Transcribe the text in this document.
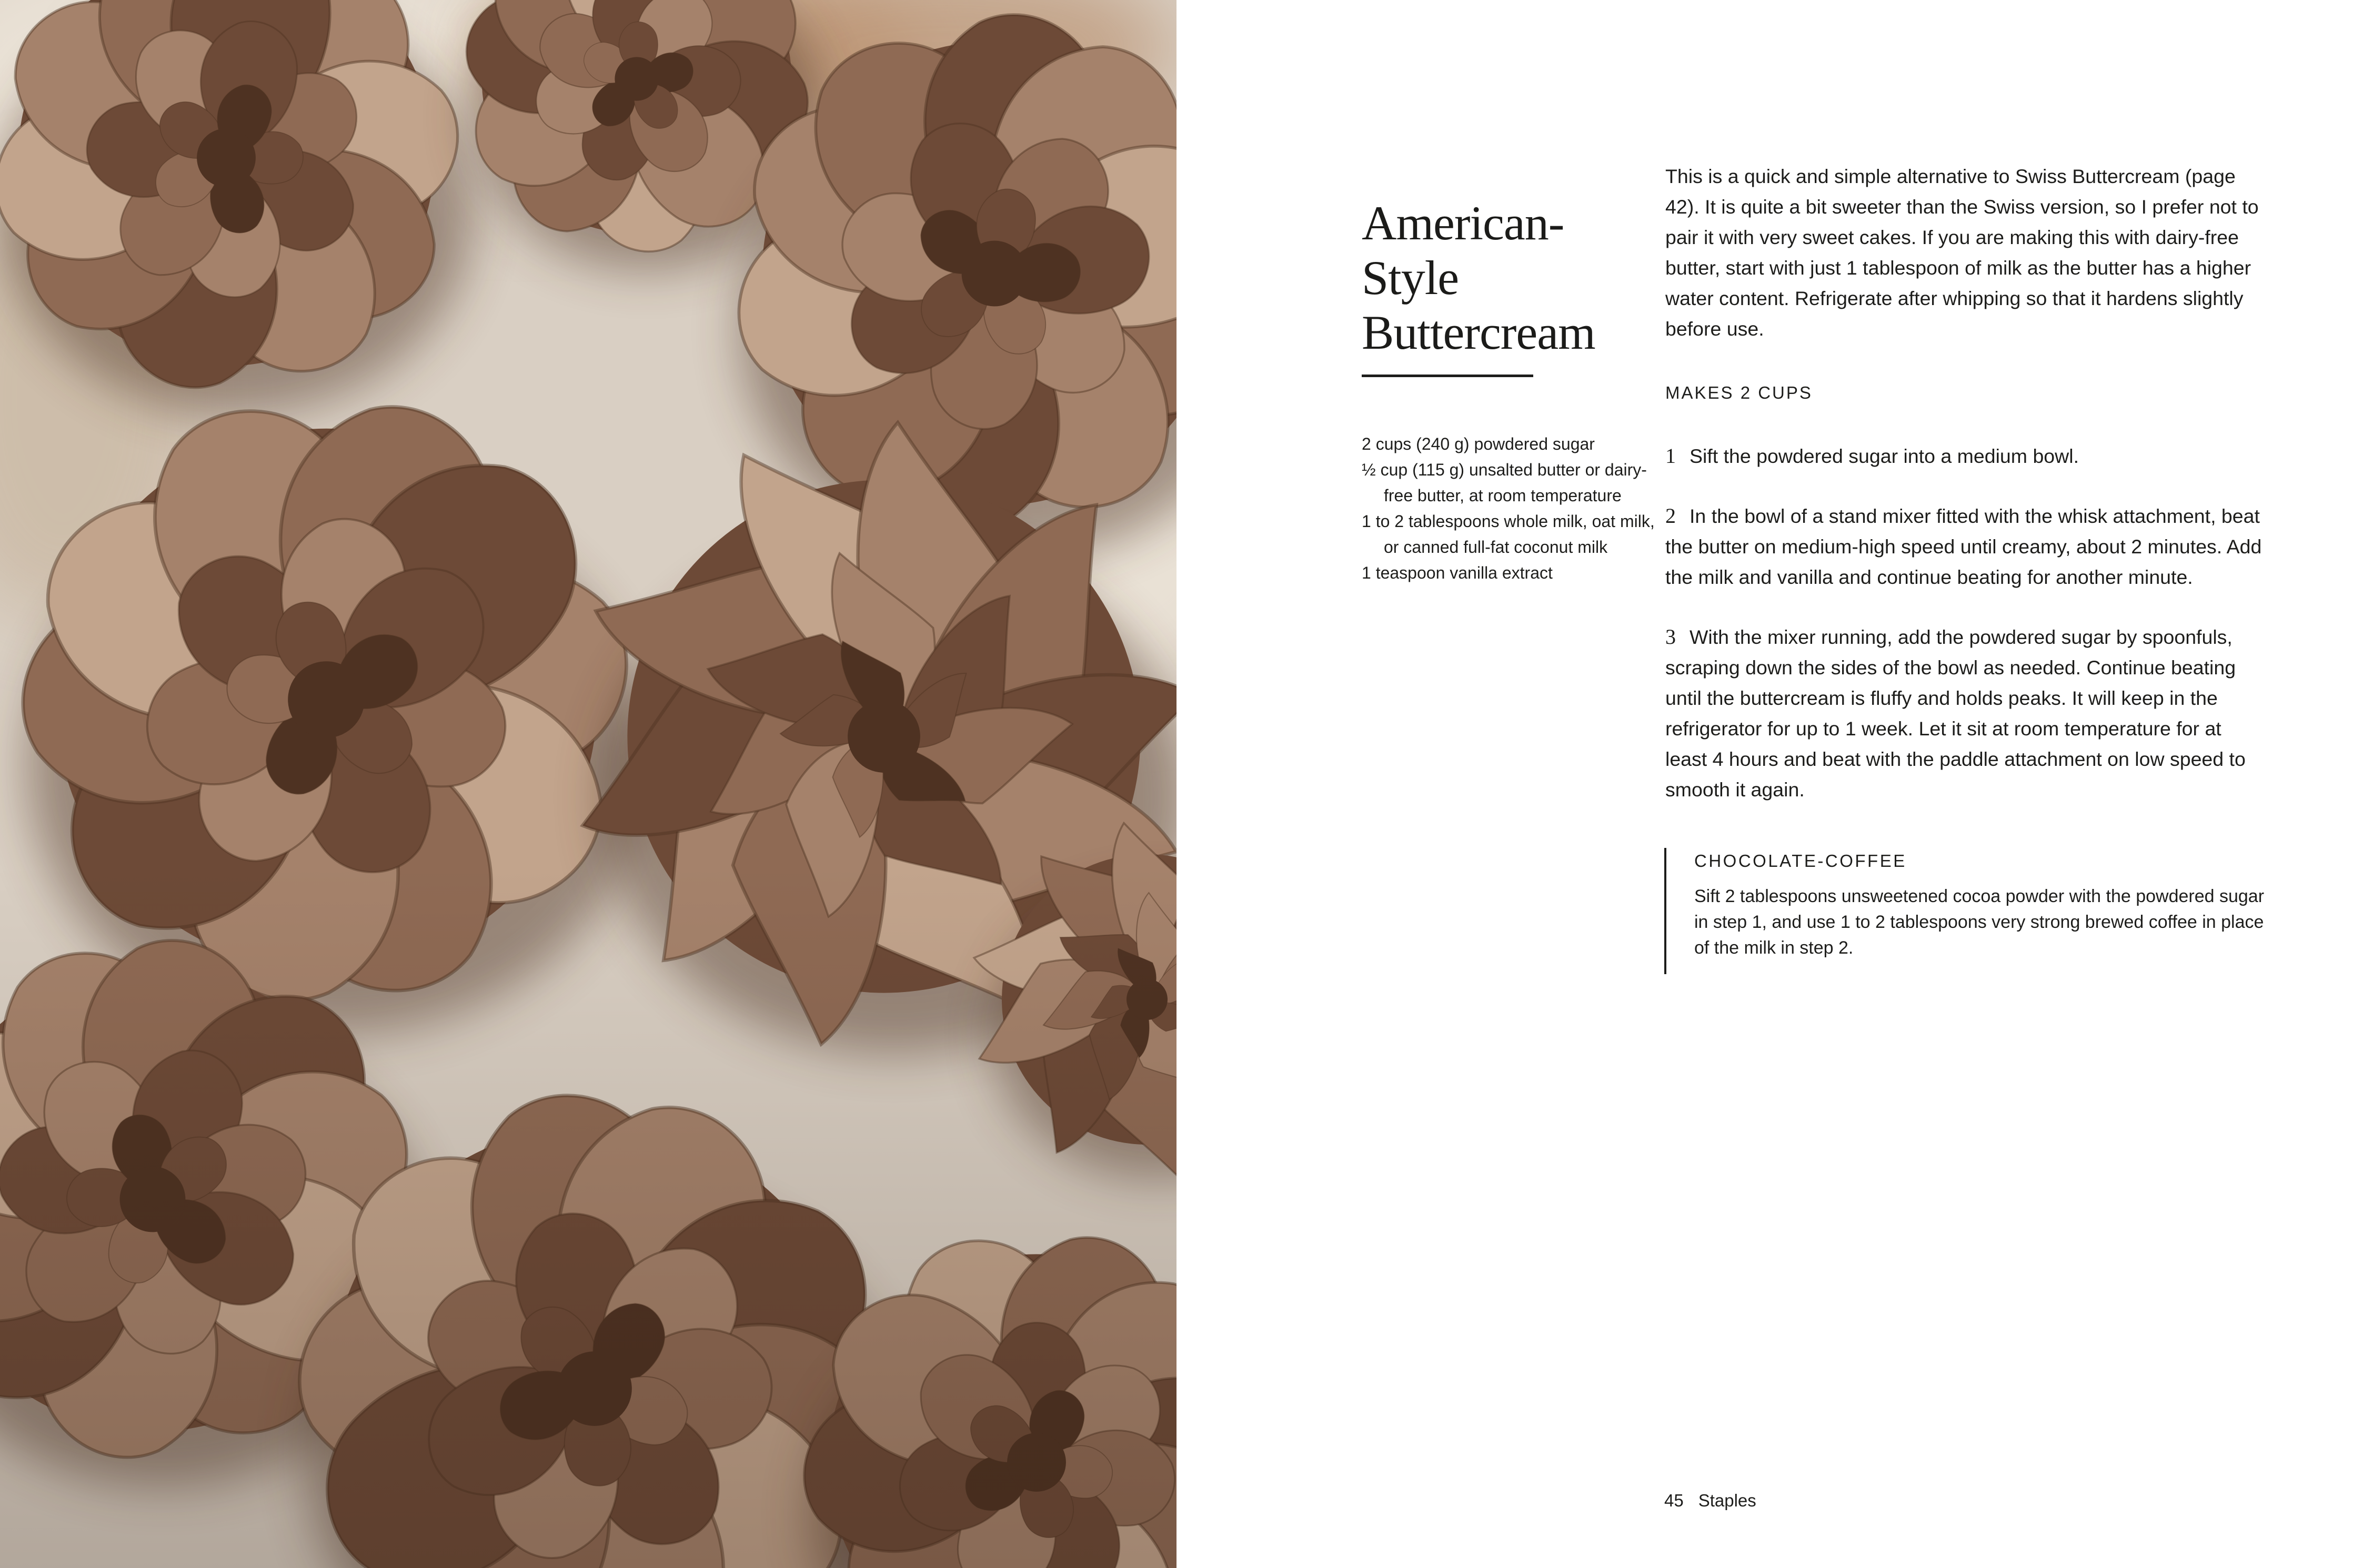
American-
Style
Buttercream
2 cups (240 g) powdered sugar
½ cup (115 g) unsalted butter or dairy-free butter, at room temperature
1 to 2 tablespoons whole milk, oat milk, or canned full-fat coconut milk
1 teaspoon vanilla extract

This is a quick and simple alternative to Swiss Buttercream (page 42). It is quite a bit sweeter than the Swiss version, so I prefer not to pair it with very sweet cakes. If you are making this with dairy-free butter, start with just 1 tablespoon of milk as the butter has a higher water content. Refrigerate after whipping so that it hardens slightly before use.

MAKES 2 CUPS

1 Sift the powdered sugar into a medium bowl.

2 In the bowl of a stand mixer fitted with the whisk attachment, beat the butter on medium-high speed until creamy, about 2 minutes. Add the milk and vanilla and continue beating for another minute.

3 With the mixer running, add the powdered sugar by spoonfuls, scraping down the sides of the bowl as needed. Continue beating until the buttercream is fluffy and holds peaks. It will keep in the refrigerator for up to 1 week. Let it sit at room temperature for at least 4 hours and beat with the paddle attachment on low speed to smooth it again.

CHOCOLATE-COFFEE

Sift 2 tablespoons unsweetened cocoa powder with the powdered sugar in step 1, and use 1 to 2 tablespoons very strong brewed coffee in place of the milk in step 2.

45 Staples
